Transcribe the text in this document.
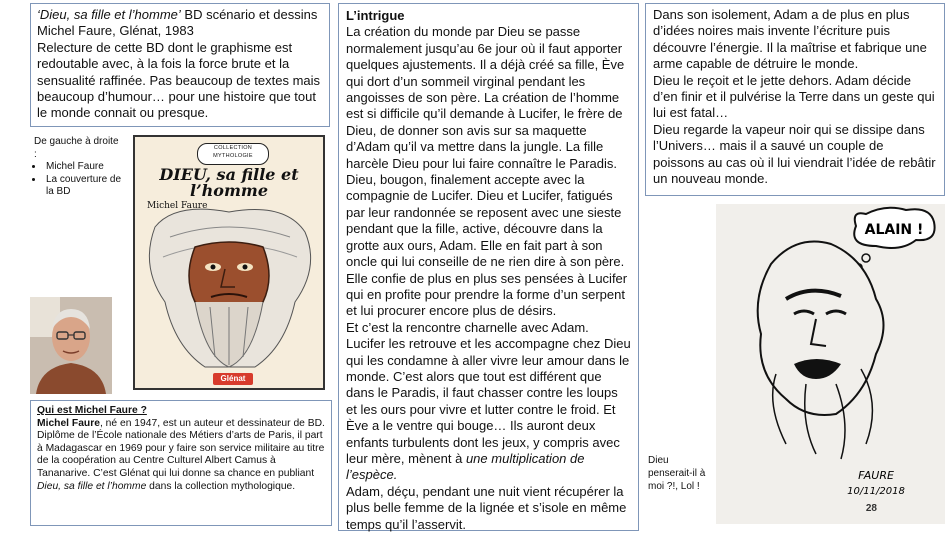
‘Dieu, sa fille et l’homme’ BD scénario et dessins Michel Faure, Glénat, 1983

Relecture de cette BD dont le graphisme est redoutable avec, à la fois la force brute et la sensualité raffinée. Pas beaucoup de textes mais beaucoup d’humour… pour une histoire que tout le monde connait ou presque.

De gauche à droite :
• Michel Faure
• La couverture de la BD
COLLECTION MYTHOLOGIE
DIEU, sa fille et l’homme
Michel Faure
Glénat

Qui est Michel Faure ?

Michel Faure, né en 1947, est un auteur et dessinateur de BD. Diplôme de l’École nationale des Métiers d’arts de Paris, il part à Madagascar en 1969 pour y faire son service militaire au titre de la coopération au Centre Culturel Albert Camus à Tananarive. C’est Glénat qui lui donne sa chance en publiant Dieu, sa fille et l’homme dans la collection mythologique.

L’intrigue

La création du monde par Dieu se passe normalement jusqu’au 6e jour où il faut apporter quelques ajustements. Il a déjà créé sa fille, Ève qui dort d’un sommeil virginal pendant les angoisses de son père. La création de l’homme est si difficile qu’il demande à Lucifer, le frère de Dieu, de donner son avis sur sa maquette d’Adam qu’il va mettre dans la jungle. La fille harcèle Dieu pour lui faire connaître le Paradis. Dieu, bougon, finalement accepte avec la compagnie de Lucifer. Dieu et Lucifer, fatigués par leur randonnée se reposent avec une sieste pendant que la fille, active, découvre dans la grotte aux ours, Adam. Elle en fait part à son oncle qui lui conseille de ne rien dire à son père. Elle confie de plus en plus ses pensées à Lucifer qui en profite pour prendre la forme d’un serpent et lui procurer encore plus de désirs.

Et c’est la rencontre charnelle avec Adam. Lucifer les retrouve et les accompagne chez Dieu qui les condamne à aller vivre leur amour dans le monde. C’est alors que tout est différent que dans le Paradis, il faut chasser contre les loups et les ours pour vivre et lutter contre le froid. Et Ève a le ventre qui bouge… Ils auront deux enfants turbulents dont les jeux, y compris avec leur mère, mènent à une multiplication de l’espèce.

Adam, déçu, pendant une nuit vient récupérer la plus belle femme de la lignée et s’isole en même temps qu’il l’asservit.

Dans son isolement, Adam a de plus en plus d’idées noires mais invente l’écriture puis découvre l’énergie. Il la maîtrise et fabrique une arme capable de détruire le monde.

Dieu le reçoit et le jette dehors. Adam décide d’en finir et il pulvérise la Terre dans un geste qui lui est fatal…

Dieu regarde la vapeur noir qui se dissipe dans l’Univers… mais il a sauvé un couple de poissons au cas où il lui viendrait l’idée de rebâtir un nouveau monde.

Dieu penserait-il à moi ?!, Lol !
ALAIN !
FAURE
10/11/2018
28
